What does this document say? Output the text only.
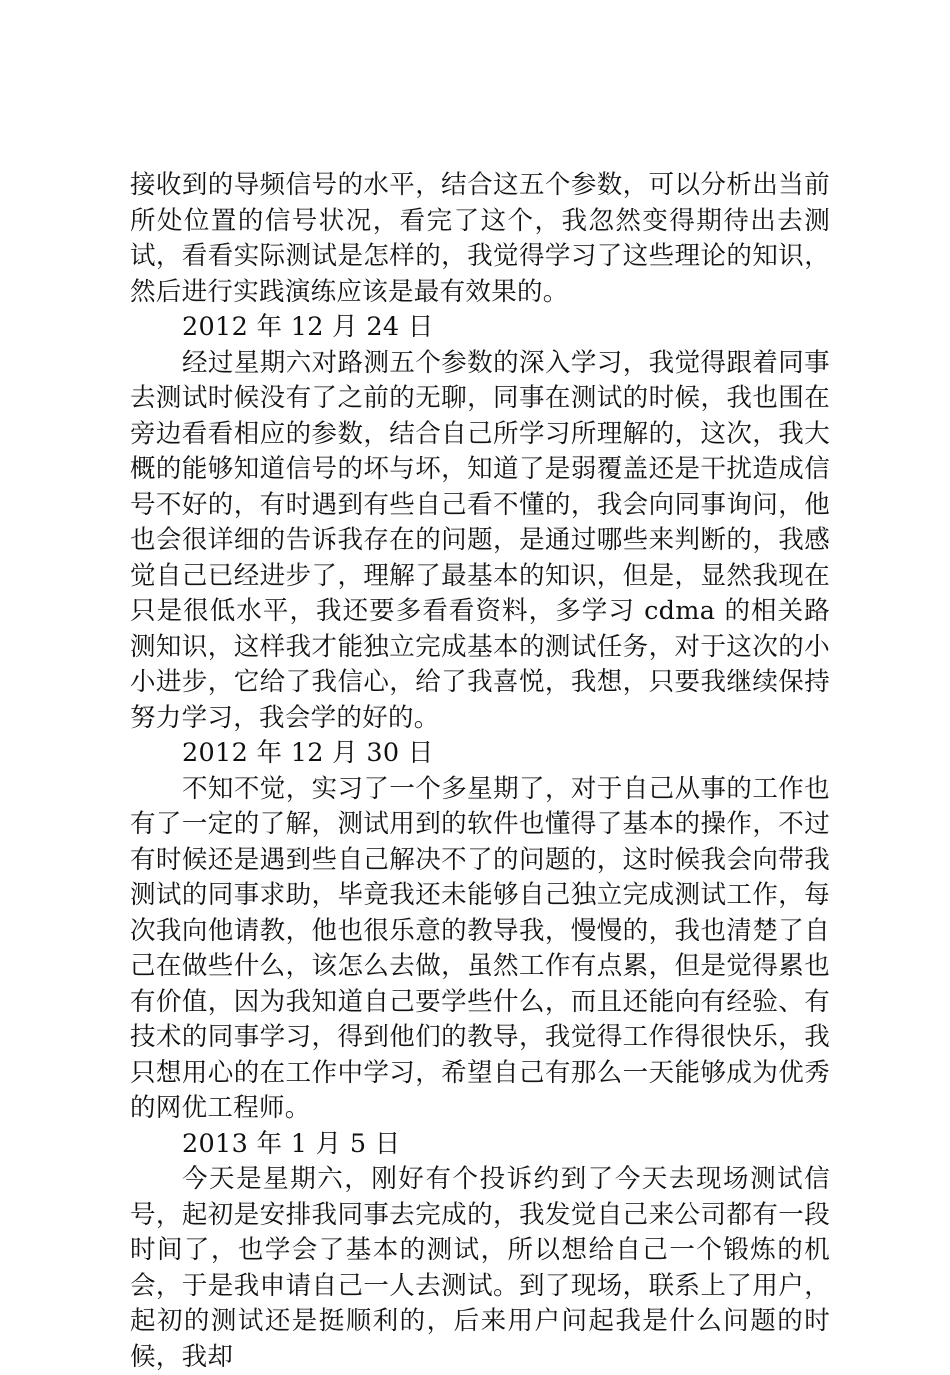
接收到的导频信号的水平，结合这五个参数，可以分析出当前所处位置的信号状况，看完了这个，我忽然变得期待出去测试，看看实际测试是怎样的，我觉得学习了这些理论的知识，然后进行实践演练应该是最有效果的。

2012 年 12 月 24 日

经过星期六对路测五个参数的深入学习，我觉得跟着同事去测试时候没有了之前的无聊，同事在测试的时候，我也围在旁边看看相应的参数，结合自己所学习所理解的，这次，我大概的能够知道信号的坏与坏，知道了是弱覆盖还是干扰造成信号不好的，有时遇到有些自己看不懂的，我会向同事询问，他也会很详细的告诉我存在的问题，是通过哪些来判断的，我感觉自己已经进步了，理解了最基本的知识，但是，显然我现在只是很低水平，我还要多看看资料，多学习 cdma 的相关路测知识，这样我才能独立完成基本的测试任务，对于这次的小小进步，它给了我信心，给了我喜悦，我想，只要我继续保持努力学习，我会学的好的。

2012 年 12 月 30 日

不知不觉，实习了一个多星期了，对于自己从事的工作也有了一定的了解，测试用到的软件也懂得了基本的操作，不过有时候还是遇到些自己解决不了的问题的，这时候我会向带我测试的同事求助，毕竟我还未能够自己独立完成测试工作，每次我向他请教，他也很乐意的教导我，慢慢的，我也清楚了自己在做些什么，该怎么去做，虽然工作有点累，但是觉得累也有价值，因为我知道自己要学些什么，而且还能向有经验、有技术的同事学习，得到他们的教导，我觉得工作得很快乐，我只想用心的在工作中学习，希望自己有那么一天能够成为优秀的网优工程师。

2013 年 1 月 5 日

今天是星期六，刚好有个投诉约到了今天去现场测试信号，起初是安排我同事去完成的，我发觉自己来公司都有一段时间了，也学会了基本的测试，所以想给自己一个锻炼的机会，于是我申请自己一人去测试。到了现场，联系上了用户，起初的测试还是挺顺利的，后来用户问起我是什么问题的时候，我却
